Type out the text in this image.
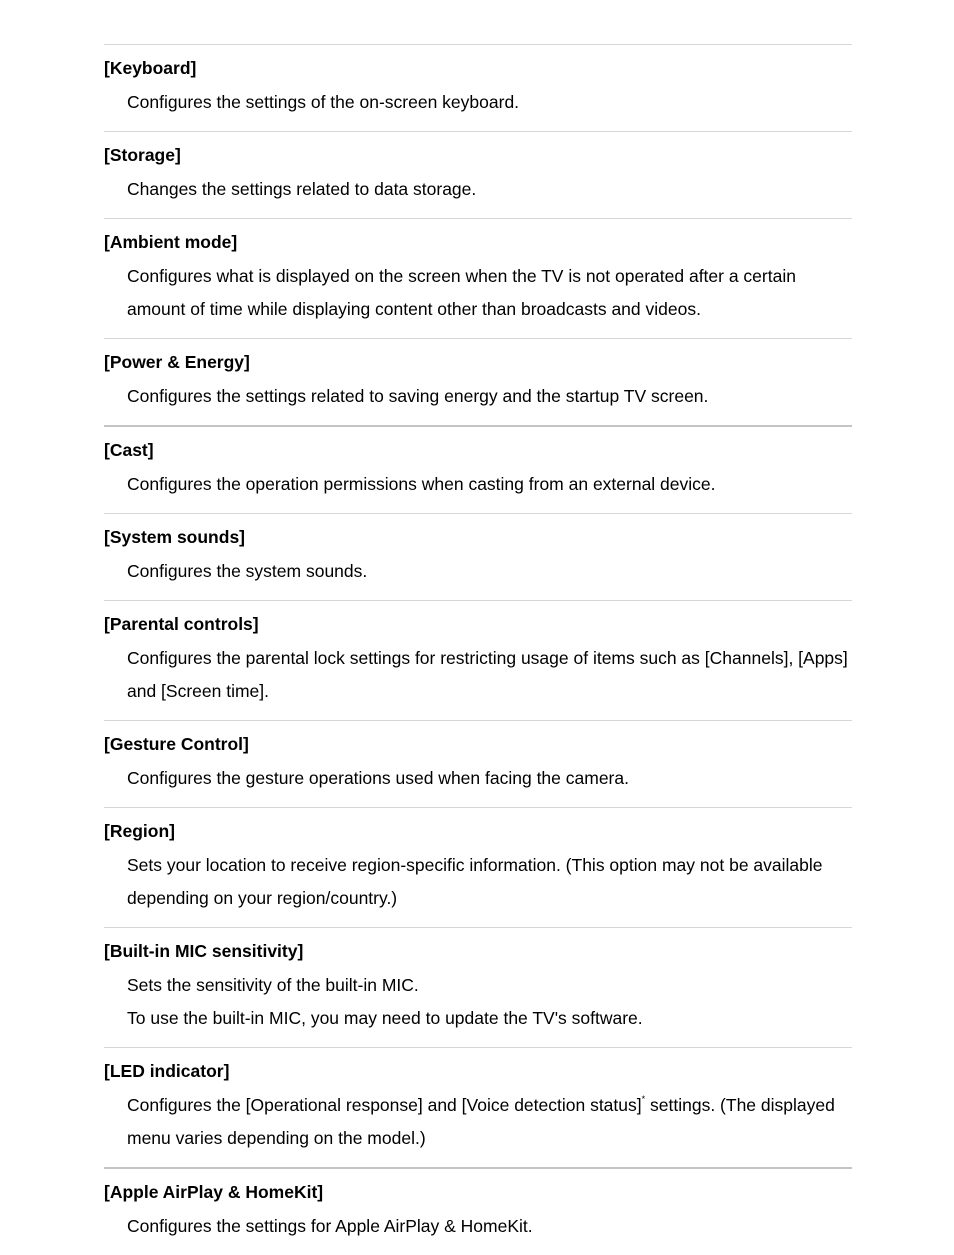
[Keyboard]

Configures the settings of the on-screen keyboard.

[Storage]

Changes the settings related to data storage.

[Ambient mode]

Configures what is displayed on the screen when the TV is not operated after a certain amount of time while displaying content other than broadcasts and videos.

[Power & Energy]

Configures the settings related to saving energy and the startup TV screen.

[Cast]

Configures the operation permissions when casting from an external device.

[System sounds]

Configures the system sounds.

[Parental controls]

Configures the parental lock settings for restricting usage of items such as [Channels], [Apps] and [Screen time].

[Gesture Control]

Configures the gesture operations used when facing the camera.

[Region]

Sets your location to receive region-specific information. (This option may not be available depending on your region/country.)

[Built-in MIC sensitivity]

Sets the sensitivity of the built-in MIC.

To use the built-in MIC, you may need to update the TV's software.

[LED indicator]

Configures the [Operational response] and [Voice detection status]* settings. (The displayed menu varies depending on the model.)

[Apple AirPlay & HomeKit]

Configures the settings for Apple AirPlay & HomeKit.
